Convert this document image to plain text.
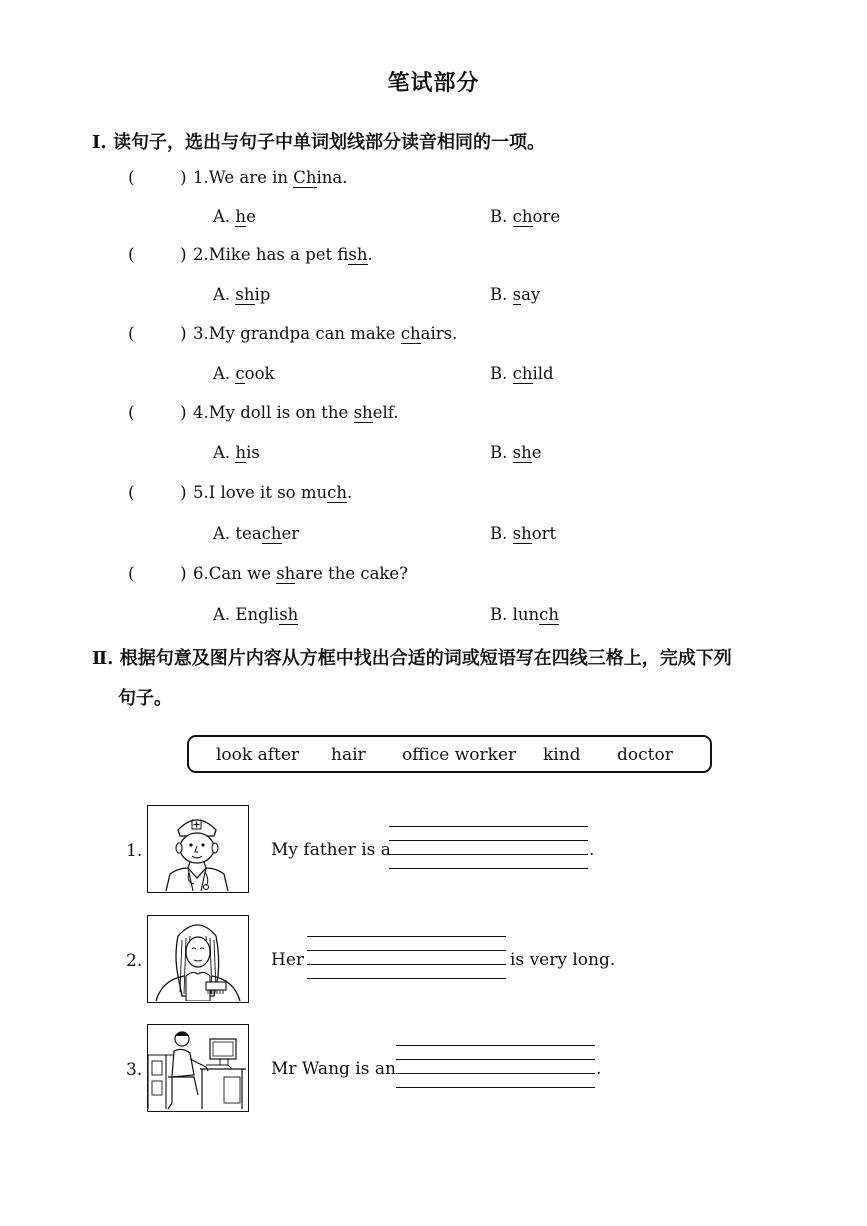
笔试部分
Ⅰ. 读句子，选出与句子中单词划线部分读音相同的一项。
(	) 1.We are in China.
A. he	B. chore
(	) 2.Mike has a pet fish.
A. ship	B. say
(	) 3.My grandpa can make chairs.
A. cook	B. child
(	) 4.My doll is on the shelf.
A. his	B. she
(	) 5.I love it so much.
A. teacher	B. short
(	) 6.Can we share the cake?
A. English	B. lunch
Ⅱ. 根据句意及图片内容从方框中找出合适的词或短语写在四线三格上，完成下列
句子。
look after hair office worker kind doctor
1.	My father is a	.
2.	Her	is very long.
3.	Mr Wang is an	.
